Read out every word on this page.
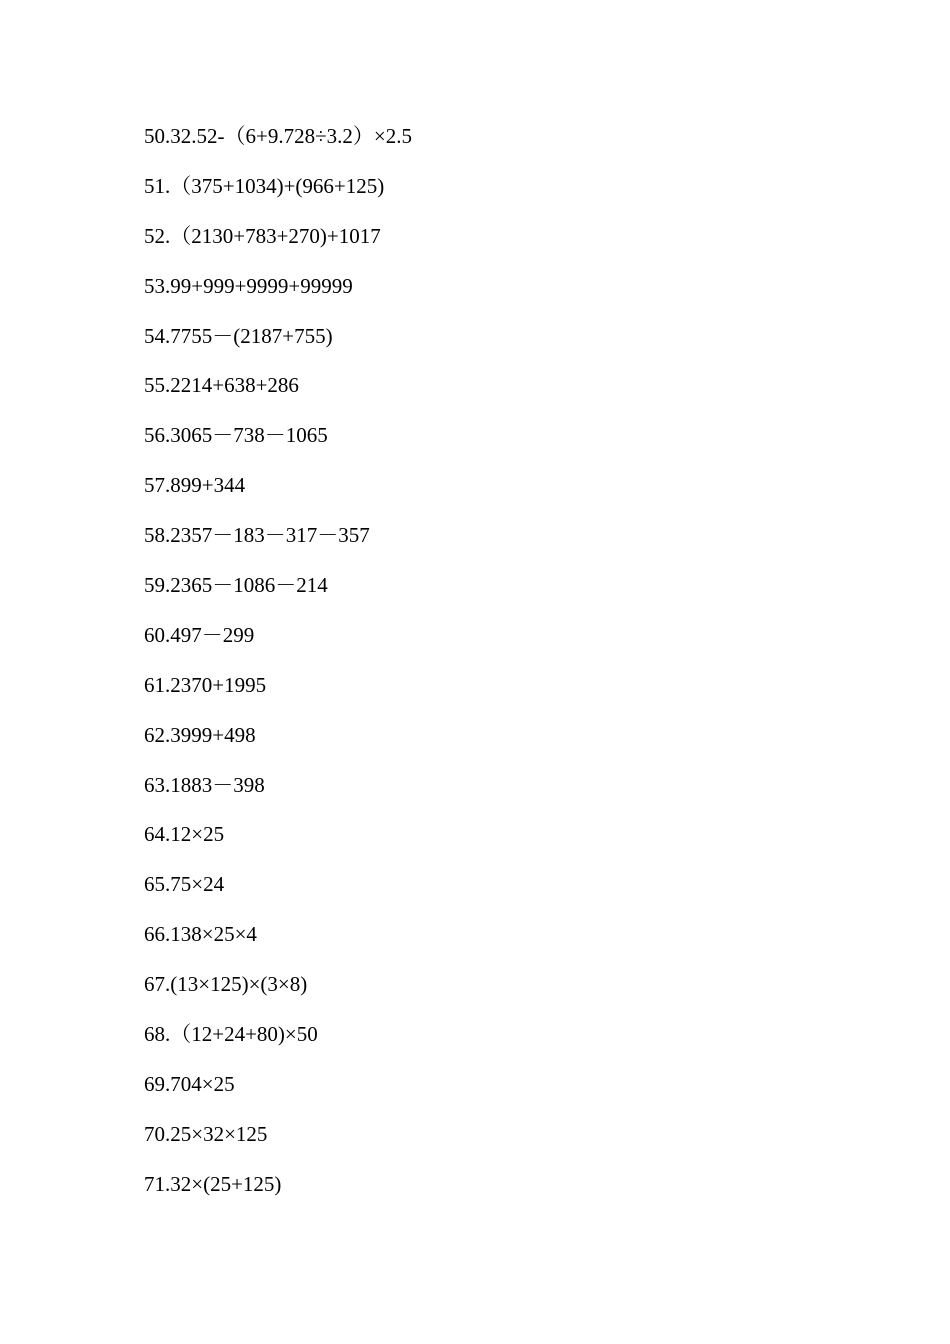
50.32.52-（6+9.728÷3.2）×2.5
51.（375+1034)+(966+125)
52.（2130+783+270)+1017
53.99+999+9999+99999
54.7755－(2187+755)
55.2214+638+286
56.3065－738－1065
57.899+344
58.2357－183－317－357
59.2365－1086－214
60.497－299
61.2370+1995
62.3999+498
63.1883－398
64.12×25
65.75×24
66.138×25×4
67.(13×125)×(3×8)
68.（12+24+80)×50
69.704×25
70.25×32×125
71.32×(25+125)
